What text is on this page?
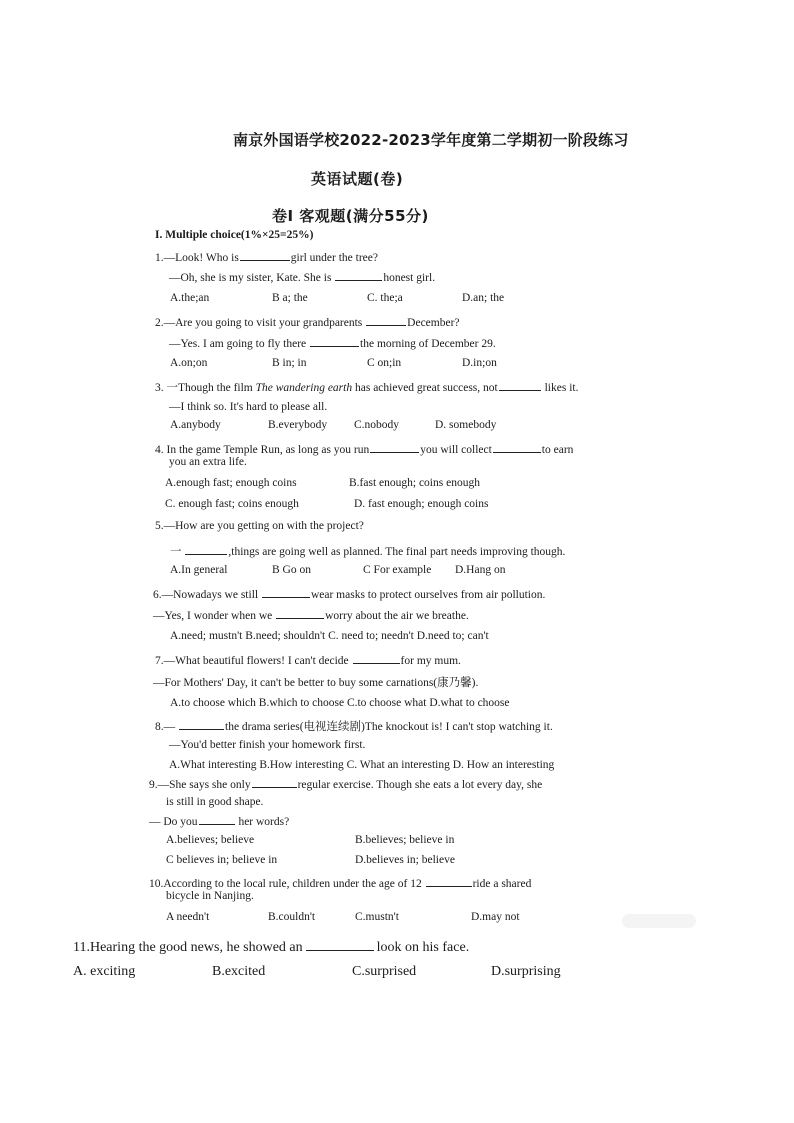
南京外国语学校2022-2023学年度第二学期初一阶段练习
英语试题(卷)
卷I 客观题(满分55分)
I. Multiple choice(1%×25=25%)
1.—Look! Who is	girl under the tree?
—Oh, she is my sister, Kate. She is	honest girl.
A.the;an	B a; the	C. the;a	D.an; the
2.—Are you going to visit your grandparents	December?
—Yes. I am going to fly there	the morning of December 29.
A.on;on	B in; in	C on;in	D.in;on
3. 一Though the film The wandering earth has achieved great success, not	likes it.
—I think so. It's hard to please all.
A.anybody	B.everybody C.nobody	D. somebody
4. In the game Temple Run, as long as you run	you will collect	to earn
you an extra life.
A.enough fast; enough coins	B.fast enough; coins enough
C. enough fast; coins enough	D. fast enough; enough coins
5.—How are you getting on with the project?
一	,things are going well as planned. The final part needs improving though.
A.In general	B Go on	C For example D.Hang on
6.—Nowadays we still	wear masks to protect ourselves from air pollution.
—Yes, I wonder when we	worry about the air we breathe.
A.need; mustn't B.need; shouldn't C. need to; needn't D.need to; can't
7.—What beautiful flowers! I can't decide	for my mum.
—For Mothers' Day, it can't be better to buy some carnations(康乃馨).
A.to choose which B.which to choose C.to choose what D.what to choose
8.—	the drama series(电视连续剧)The knockout is! I can't stop watching it.
—You'd better finish your homework first.
A.What interesting B.How interesting C. What an interesting D. How an interesting
9.—She says she only	regular exercise. Though she eats a lot every day, she
is still in good shape.
— Do you	her words?
A.believes; believe	B.believes; believe in
C believes in; believe in	D.believes in; believe
10.According to the local rule, children under the age of 12	ride a shared
bicycle in Nanjing.
A needn't	B.couldn't	C.mustn't	D.may not
11.Hearing the good news, he showed an	look on his face.
A. exciting	B.excited	C.surprised	D.surprising
